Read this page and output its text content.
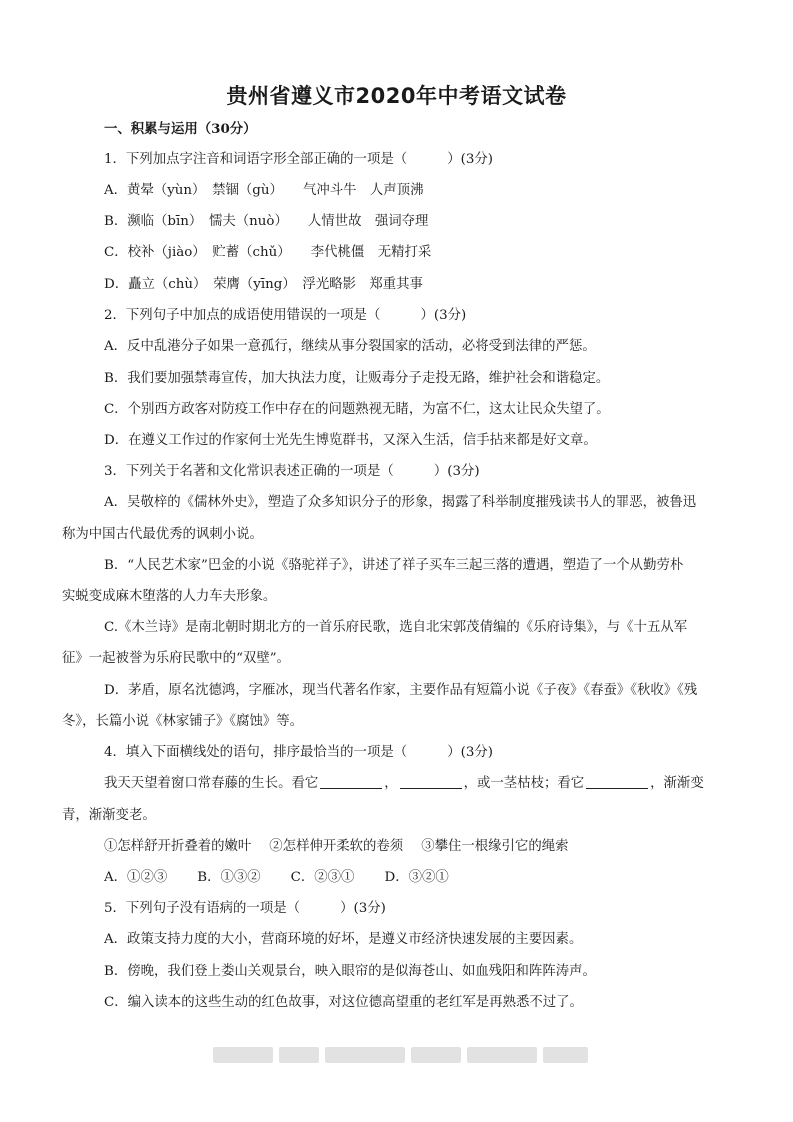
贵州省遵义市2020年中考语文试卷
一、积累与运用（30分）
1．下列加点字注音和词语字形全部正确的一项是（　　　）(3分)
A．黄晕（yùn）　禁锢（gù）　　气冲斗牛　人声顶沸
B．濒临（bīn）　懦夫（nuò）　　人情世故　强词夺理
C．校补（jiào）　贮蓄（chǔ）　　李代桃僵　无精打采
D．矗立（chù）　荣膺（yīng）　浮光略影　郑重其事
2．下列句子中加点的成语使用错误的一项是（　　　）(3分)
A．反中乱港分子如果一意孤行，继续从事分裂国家的活动，必将受到法律的严惩。
B．我们要加强禁毒宣传，加大执法力度，让贩毒分子走投无路，维护社会和谐稳定。
C．个别西方政客对防疫工作中存在的问题熟视无睹，为富不仁，这太让民众失望了。
D．在遵义工作过的作家何士光先生博览群书，又深入生活，信手拈来都是好文章。
3．下列关于名著和文化常识表述正确的一项是（　　　）(3分)
A．吴敬梓的《儒林外史》，塑造了众多知识分子的形象，揭露了科举制度摧残读书人的罪恶，被鲁迅
称为中国古代最优秀的讽刺小说。
B．“人民艺术家”巴金的小说《骆驼祥子》，讲述了祥子买车三起三落的遭遇，塑造了一个从勤劳朴
实蜕变成麻木堕落的人力车夫形象。
C.《木兰诗》是南北朝时期北方的一首乐府民歌，选自北宋郭茂倩编的《乐府诗集》，与《十五从军
征》一起被誉为乐府民歌中的“双壁”。
D．茅盾，原名沈德鸿，字雁冰，现当代著名作家，主要作品有短篇小说《子夜》《春蚕》《秋收》《残
冬》，长篇小说《林家铺子》《腐蚀》等。
4．填入下面横线处的语句，排序最恰当的一项是（　　　）(3分)
我天天望着窗口常春藤的生长。看它	，	，或一茎枯枝；看它	，渐渐变
青，渐渐变老。
①怎样舒开折叠着的嫩叶 ②怎样伸开柔软的卷须 ③攀住一根缘引它的绳索
A．①②③ B．①③② C．②③① D．③②①
5．下列句子没有语病的一项是（　　　）(3分)
A．政策支持力度的大小，营商环境的好坏，是遵义市经济快速发展的主要因素。
B．傍晚，我们登上娄山关观景台，映入眼帘的是似海苍山、如血残阳和阵阵涛声。
C．编入读本的这些生动的红色故事，对这位德高望重的老红军是再熟悉不过了。
